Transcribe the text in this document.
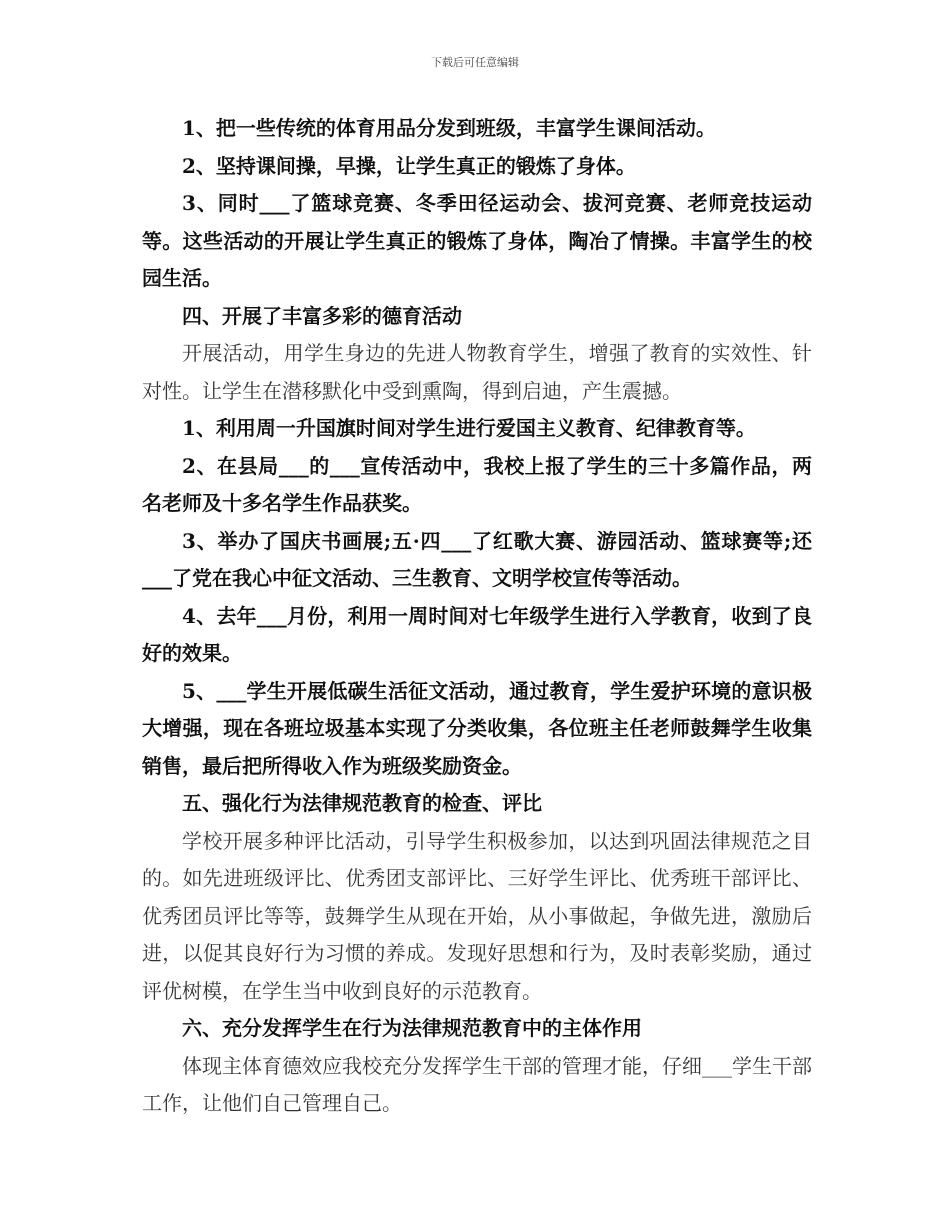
下载后可任意编辑

1、把一些传统的体育用品分发到班级，丰富学生课间活动。

2、坚持课间操，早操，让学生真正的锻炼了身体。

3、同时___了篮球竞赛、冬季田径运动会、拔河竞赛、老师竞技运动等。这些活动的开展让学生真正的锻炼了身体，陶冶了情操。丰富学生的校园生活。

四、开展了丰富多彩的德育活动

开展活动，用学生身边的先进人物教育学生，增强了教育的实效性、针对性。让学生在潜移默化中受到熏陶，得到启迪，产生震撼。

1、利用周一升国旗时间对学生进行爱国主义教育、纪律教育等。

2、在县局___的___宣传活动中，我校上报了学生的三十多篇作品，两名老师及十多名学生作品获奖。

3、举办了国庆书画展;五·四___了红歌大赛、游园活动、篮球赛等;还___了党在我心中征文活动、三生教育、文明学校宣传等活动。

4、去年___月份，利用一周时间对七年级学生进行入学教育，收到了良好的效果。

5、___学生开展低碳生活征文活动，通过教育，学生爱护环境的意识极大增强，现在各班垃圾基本实现了分类收集，各位班主任老师鼓舞学生收集销售，最后把所得收入作为班级奖励资金。

五、强化行为法律规范教育的检查、评比

学校开展多种评比活动，引导学生积极参加，以达到巩固法律规范之目的。如先进班级评比、优秀团支部评比、三好学生评比、优秀班干部评比、优秀团员评比等等，鼓舞学生从现在开始，从小事做起，争做先进，激励后进，以促其良好行为习惯的养成。发现好思想和行为，及时表彰奖励，通过评优树模，在学生当中收到良好的示范教育。

六、充分发挥学生在行为法律规范教育中的主体作用

体现主体育德效应我校充分发挥学生干部的管理才能，仔细___学生干部工作，让他们自己管理自己。
